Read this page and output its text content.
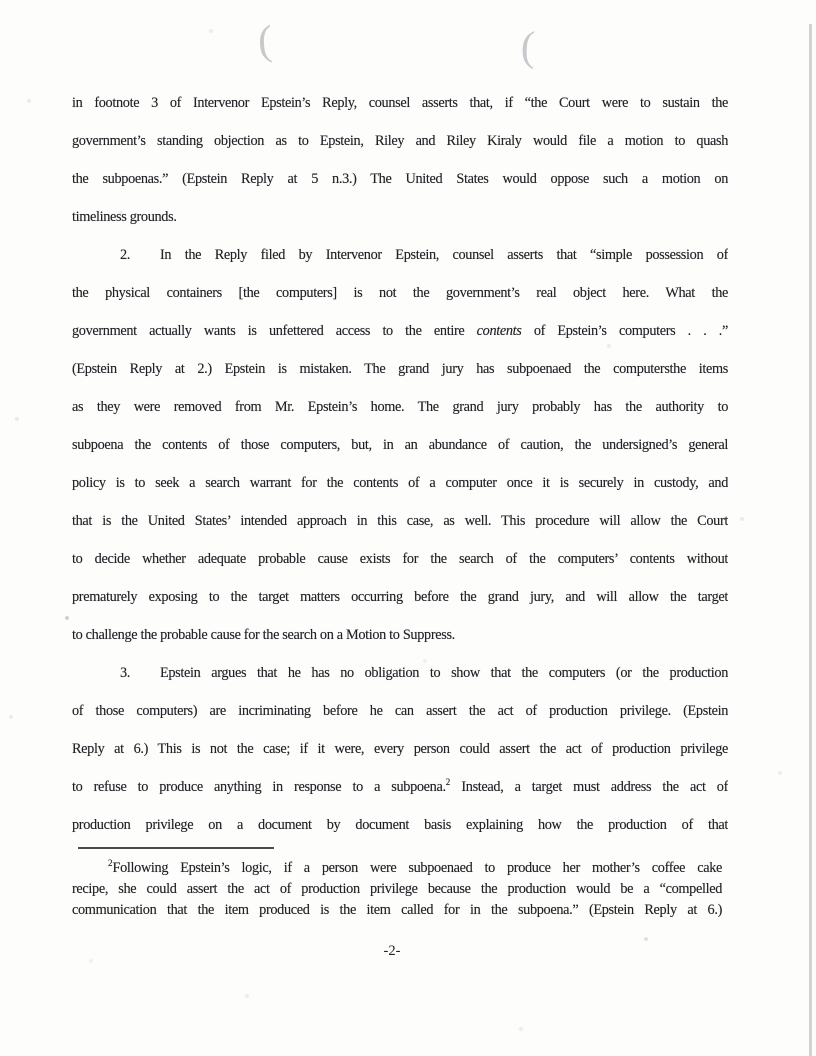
(	(
in footnote 3 of Intervenor Epstein’s Reply, counsel asserts that, if “the Court were to sustain the
government’s standing objection as to Epstein, Riley and Riley Kiraly would file a motion to quash
the subpoenas.” (Epstein Reply at 5 n.3.) The United States would oppose such a motion on
timeliness grounds.
2. In the Reply filed by Intervenor Epstein, counsel asserts that “simple possession of
the physical containers [the computers] is not the government’s real object here. What the
government actually wants is unfettered access to the entire contents of Epstein’s computers . . .”
(Epstein Reply at 2.) Epstein is mistaken. The grand jury has subpoenaed the computersthe items
as they were removed from Mr. Epstein’s home. The grand jury probably has the authority to
subpoena the contents of those computers, but, in an abundance of caution, the undersigned’s general
policy is to seek a search warrant for the contents of a computer once it is securely in custody, and
that is the United States’ intended approach in this case, as well. This procedure will allow the Court
to decide whether adequate probable cause exists for the search of the computers’ contents without
prematurely exposing to the target matters occurring before the grand jury, and will allow the target
to challenge the probable cause for the search on a Motion to Suppress.
3. Epstein argues that he has no obligation to show that the computers (or the production
of those computers) are incriminating before he can assert the act of production privilege. (Epstein
Reply at 6.) This is not the case; if it were, every person could assert the act of production privilege
to refuse to produce anything in response to a subpoena.$^2$ Instead, a target must address the act of
production privilege on a document by document basis explaining how the production of that
$^2$Following Epstein’s logic, if a person were subpoenaed to produce her mother’s coffee cake
recipe, she could assert the act of production privilege because the production would be a “compelled
communication that the item produced is the item called for in the subpoena.” (Epstein Reply at 6.)
-2-
